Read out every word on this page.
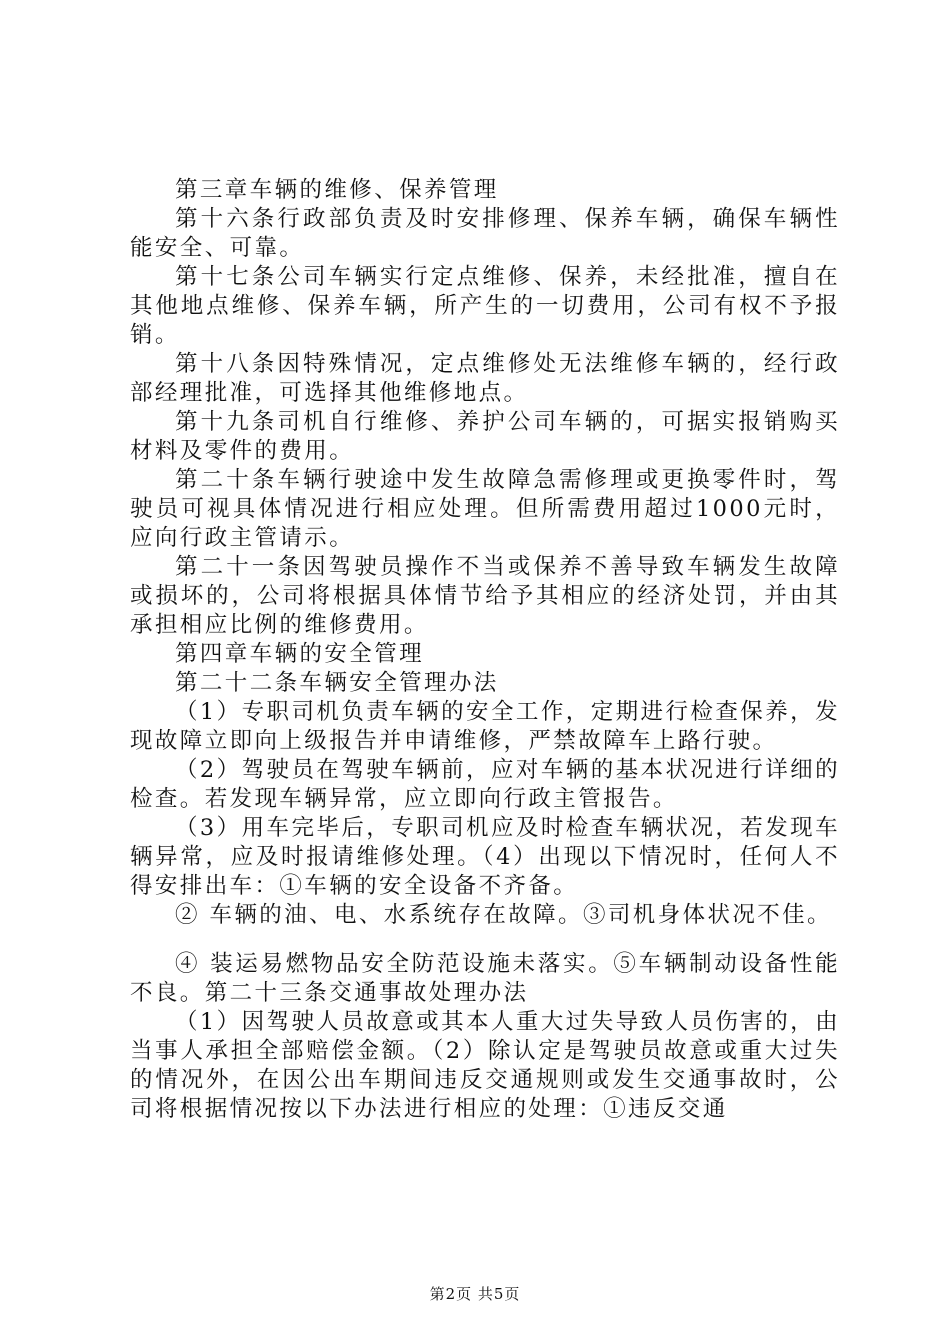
第三章车辆的维修、保养管理

第十六条行政部负责及时安排修理、保养车辆，确保车辆性能安全、可靠。

第十七条公司车辆实行定点维修、保养，未经批准，擅自在其他地点维修、保养车辆，所产生的一切费用，公司有权不予报销。

第十八条因特殊情况，定点维修处无法维修车辆的，经行政部经理批准，可选择其他维修地点。

第十九条司机自行维修、养护公司车辆的，可据实报销购买材料及零件的费用。

第二十条车辆行驶途中发生故障急需修理或更换零件时，驾驶员可视具体情况进行相应处理。但所需费用超过1000元时，应向行政主管请示。

第二十一条因驾驶员操作不当或保养不善导致车辆发生故障或损坏的，公司将根据具体情节给予其相应的经济处罚，并由其承担相应比例的维修费用。

第四章车辆的安全管理

第二十二条车辆安全管理办法

（1）专职司机负责车辆的安全工作，定期进行检查保养，发现故障立即向上级报告并申请维修，严禁故障车上路行驶。

（2）驾驶员在驾驶车辆前，应对车辆的基本状况进行详细的检查。若发现车辆异常，应立即向行政主管报告。

（3）用车完毕后，专职司机应及时检查车辆状况，若发现车辆异常，应及时报请维修处理。（4）出现以下情况时，任何人不得安排出车：①车辆的安全设备不齐备。

② 车辆的油、电、水系统存在故障。③司机身体状况不佳。

④ 装运易燃物品安全防范设施未落实。⑤车辆制动设备性能不良。第二十三条交通事故处理办法

（1）因驾驶人员故意或其本人重大过失导致人员伤害的，由当事人承担全部赔偿金额。（2）除认定是驾驶员故意或重大过失的情况外，在因公出车期间违反交通规则或发生交通事故时，公司将根据情况按以下办法进行相应的处理：①违反交通

第2页 共5页
